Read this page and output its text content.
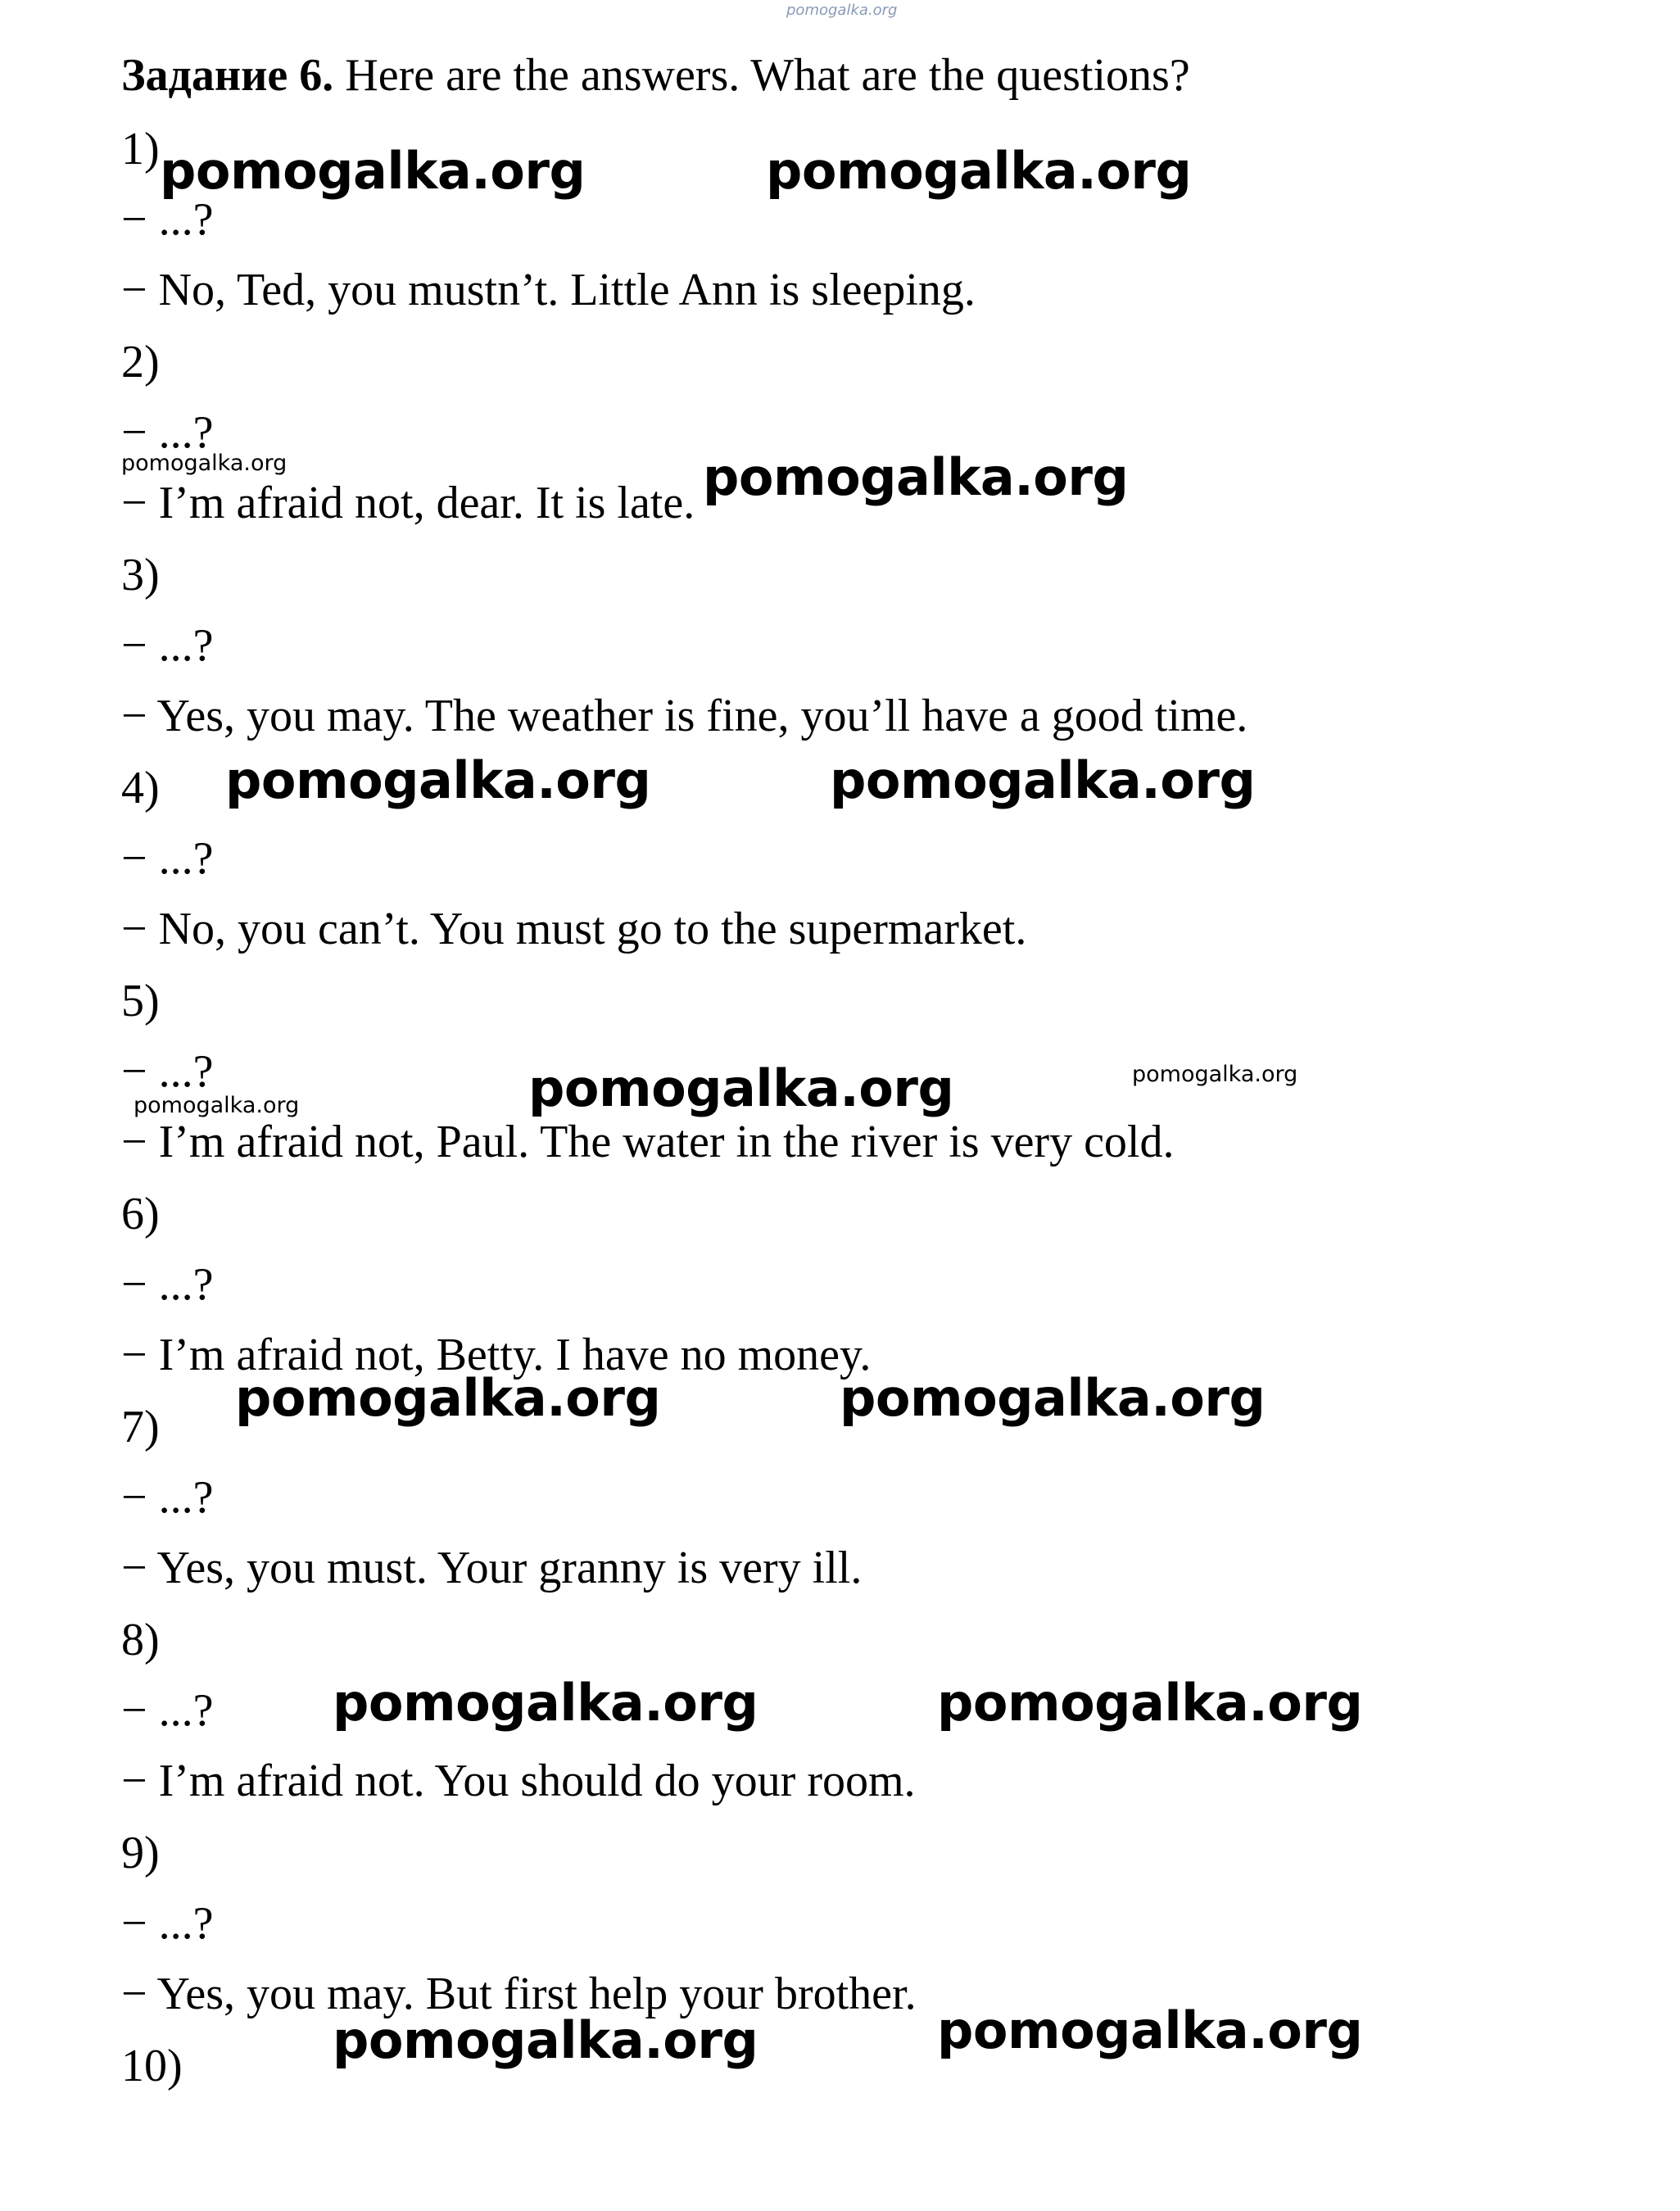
pomogalka.org
Задание 6. Here are the answers. What are the questions?
1)
− ...?
− No, Ted, you mustn’t. Little Ann is sleeping.
2)
− ...?
− I’m afraid not, dear. It is late.
3)
− ...?
− Yes, you may. The weather is fine, you’ll have a good time.
4)
− ...?
− No, you can’t. You must go to the supermarket.
5)
− ...?
− I’m afraid not, Paul. The water in the river is very cold.
6)
− ...?
− I’m afraid not, Betty. I have no money.
7)
− ...?
− Yes, you must. Your granny is very ill.
8)
− ...?
− I’m afraid not. You should do your room.
9)
− ...?
− Yes, you may. But first help your brother.
10)
pomogalka.org	pomogalka.org
pomogalka.org	pomogalka.org
pomogalka.org	pomogalka.org
pomogalka.org	pomogalka.org
pomogalka.org
pomogalka.org	pomogalka.org
pomogalka.org	pomogalka.org
pomogalka.org	pomogalka.org
